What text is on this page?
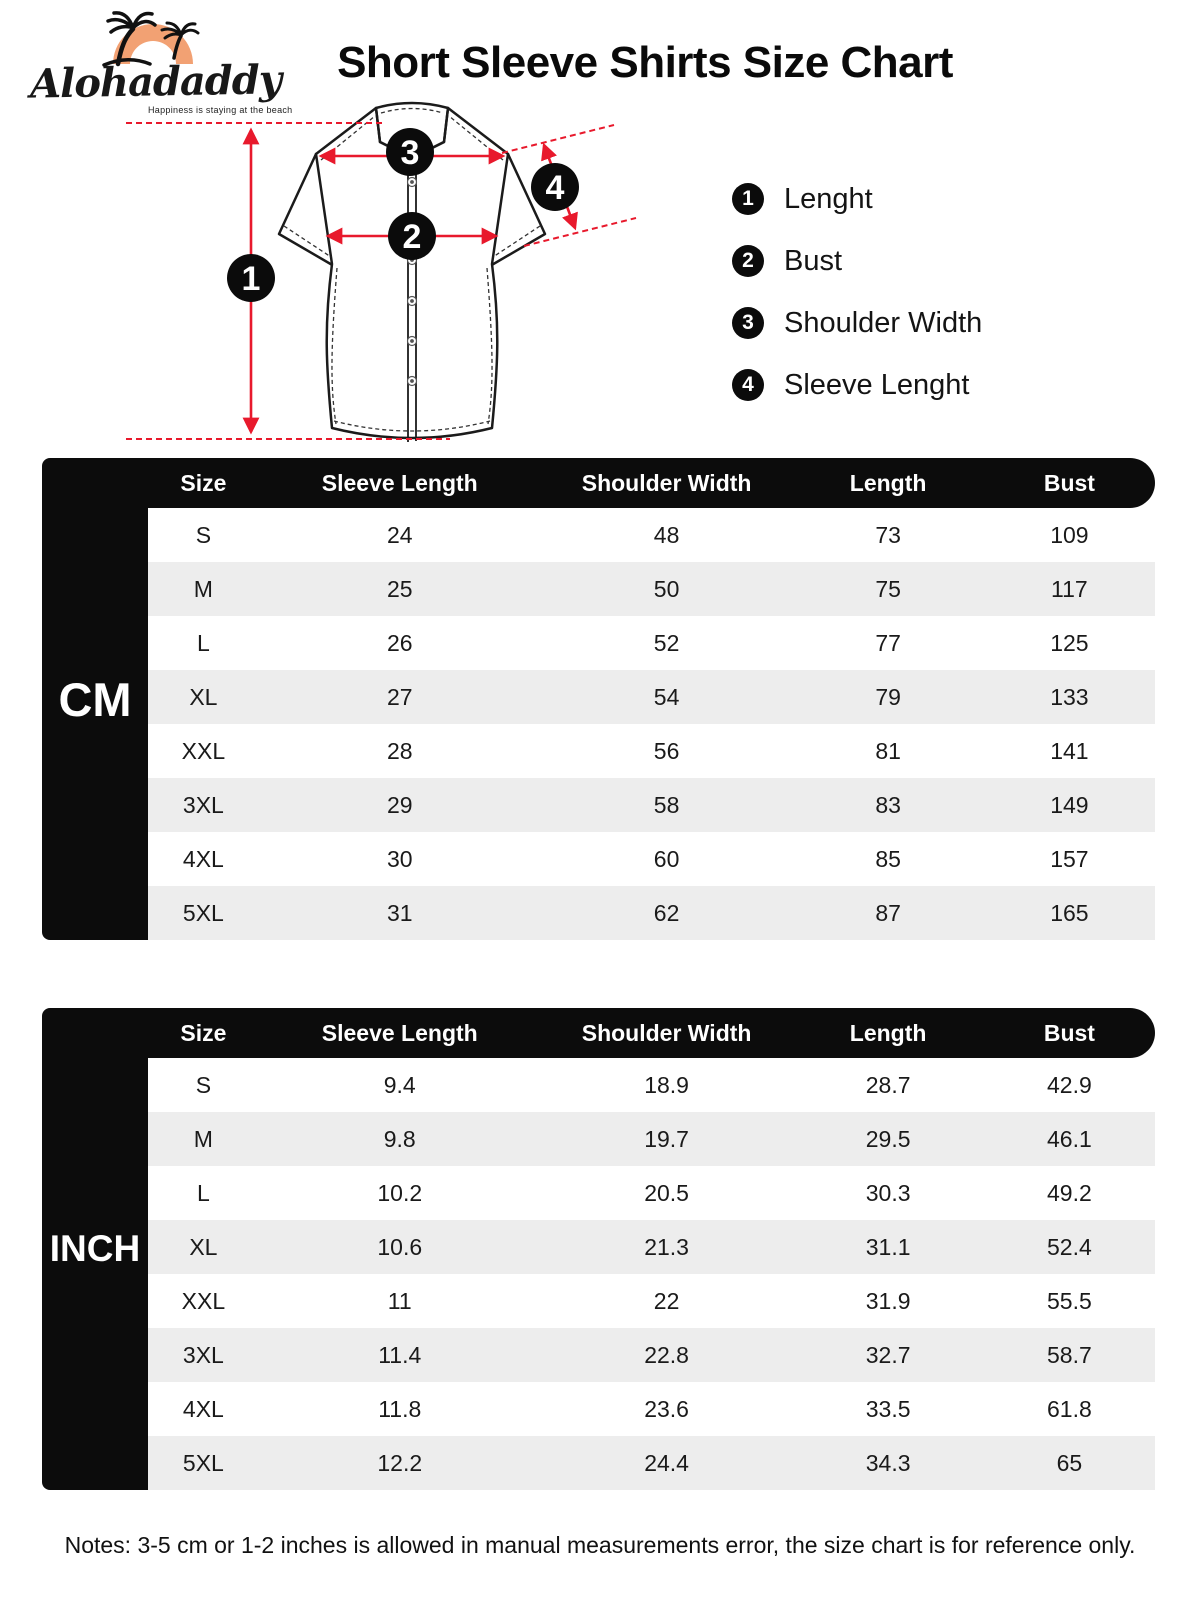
Alohadaddy
Happiness is staying at the beach
Short Sleeve Shirts Size Chart
1
2
3
4	1	Lenght
2	Bust
3	Shoulder Width
4	Sleeve Lenght
CM
Size	Sleeve Length	Shoulder Width	Length	Bust
S	24	48	73	109
M	25	50	75	117
L	26	52	77	125
XL	27	54	79	133
XXL	28	56	81	141
3XL	29	58	83	149
4XL	30	60	85	157
5XL	31	62	87	165
INCH
Size	Sleeve Length	Shoulder Width	Length	Bust
S	9.4	18.9	28.7	42.9
M	9.8	19.7	29.5	46.1
L	10.2	20.5	30.3	49.2
XL	10.6	21.3	31.1	52.4
XXL	11	22	31.9	55.5
3XL	11.4	22.8	32.7	58.7
4XL	11.8	23.6	33.5	61.8
5XL	12.2	24.4	34.3	65
Notes: 3-5 cm or 1-2 inches is allowed in manual measurements error, the size chart is for reference only.
